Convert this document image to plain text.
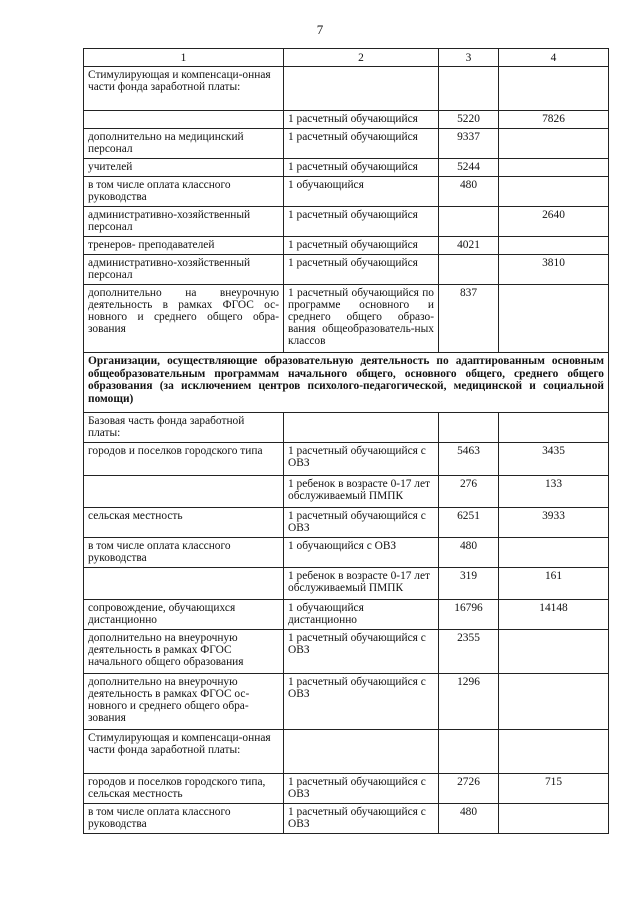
7
1	2	3	4
Стимулирующая и компенсаци-онная части фонда заработной платы:			
	1 расчетный обучающийся	5220	7826
дополнительно на медицинский персонал	1 расчетный обучающийся	9337	
учителей	1 расчетный обучающийся	5244	
в том числе оплата классного руководства	1 обучающийся	480	
административно-хозяйственный персонал	1 расчетный обучающийся		2640
тренеров- преподавателей	1 расчетный обучающийся	4021	
административно-хозяйственный персонал	1 расчетный обучающийся		3810
дополнительно на внеурочную деятельность в рамках ФГОС ос-новного и среднего общего обра-зования	1 расчетный обучающийся по программе основного и среднего общего образо-вания общеобразователь-ных классов	837	
Организации, осуществляющие образовательную деятельность по адаптированным основным общеобразовательным программам начального общего, основного общего, среднего общего образования (за исключением центров психолого-педагогической, медицинской и социальной помощи)			
Базовая часть фонда заработной платы:			
городов и поселков городского типа	1 расчетный обучающийся с ОВЗ	5463	3435
	1 ребенок в возрасте 0-17 лет обслуживаемый ПМПК	276	133
сельская местность	1 расчетный обучающийся с ОВЗ	6251	3933
в том числе оплата классного руководства	1 обучающийся с ОВЗ	480	
	1 ребенок в возрасте 0-17 лет обслуживаемый ПМПК	319	161
сопровождение, обучающихся дистанционно	1 обучающийся дистанционно	16796	14148
дополнительно на внеурочную деятельность в рамках ФГОС начального общего образования	1 расчетный обучающийся с ОВЗ	2355	
дополнительно на внеурочную деятельность в рамках ФГОС ос-новного и среднего общего обра-зования	1 расчетный обучающийся с ОВЗ	1296	
Стимулирующая и компенсаци-онная части фонда заработной платы:			
городов и поселков городского типа, сельская местность	1 расчетный обучающийся с ОВЗ	2726	715
в том числе оплата классного руководства	1 расчетный обучающийся с ОВЗ	480	
